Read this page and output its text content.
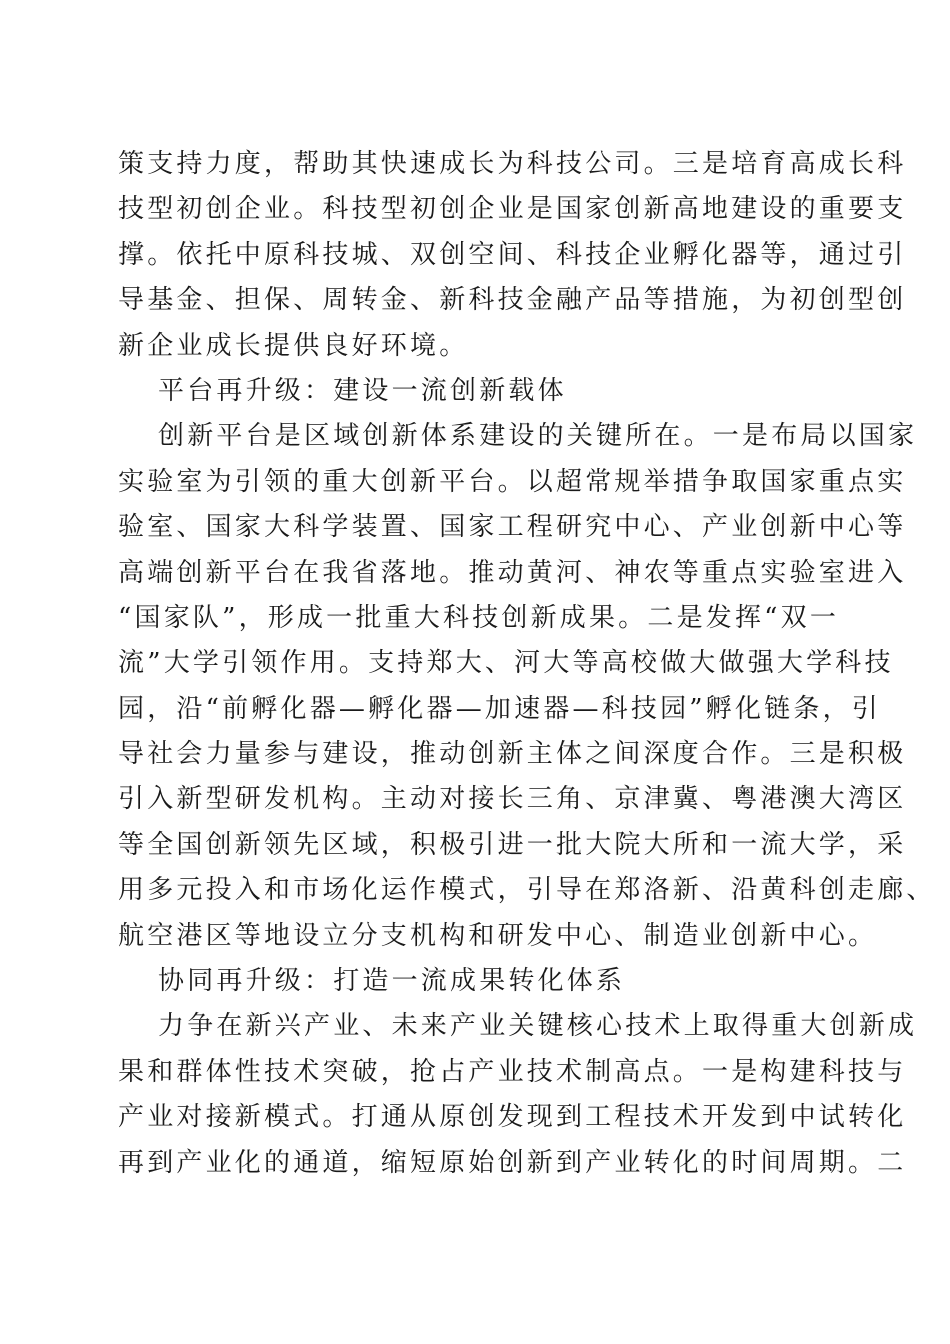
策支持力度，帮助其快速成长为科技公司。三是培育高成长科
技型初创企业。科技型初创企业是国家创新高地建设的重要支
撑。依托中原科技城、双创空间、科技企业孵化器等，通过引
导基金、担保、周转金、新科技金融产品等措施，为初创型创
新企业成长提供良好环境。
平台再升级：建设一流创新载体
创新平台是区域创新体系建设的关键所在。一是布局以国家
实验室为引领的重大创新平台。以超常规举措争取国家重点实
验室、国家大科学装置、国家工程研究中心、产业创新中心等
高端创新平台在我省落地。推动黄河、神农等重点实验室进入
“国家队”，形成一批重大科技创新成果。二是发挥“双一
流”大学引领作用。支持郑大、河大等高校做大做强大学科技
园，沿“前孵化器—孵化器—加速器—科技园”孵化链条，引
导社会力量参与建设，推动创新主体之间深度合作。三是积极
引入新型研发机构。主动对接长三角、京津冀、粤港澳大湾区
等全国创新领先区域，积极引进一批大院大所和一流大学，采
用多元投入和市场化运作模式，引导在郑洛新、沿黄科创走廊、
航空港区等地设立分支机构和研发中心、制造业创新中心。
协同再升级：打造一流成果转化体系
力争在新兴产业、未来产业关键核心技术上取得重大创新成
果和群体性技术突破，抢占产业技术制高点。一是构建科技与
产业对接新模式。打通从原创发现到工程技术开发到中试转化
再到产业化的通道，缩短原始创新到产业转化的时间周期。二
